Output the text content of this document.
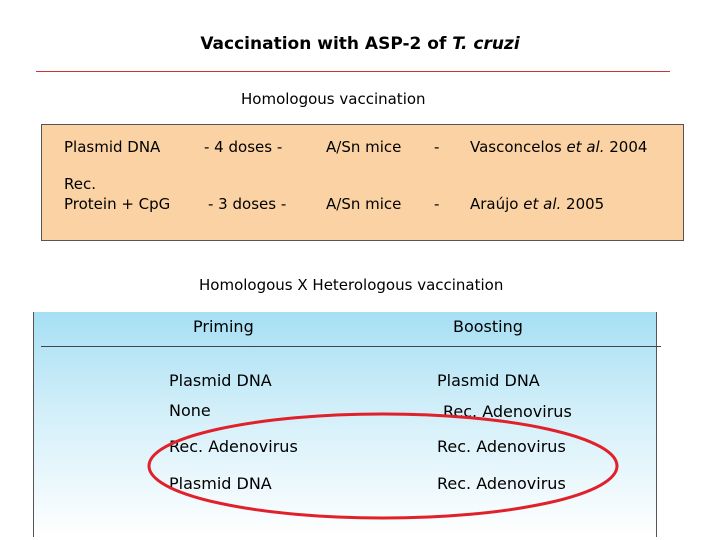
Vaccination with ASP-2 of T. cruzi
Homologous vaccination
Plasmid DNA	- 4 doses -	A/Sn mice - Vasconcelos et al. 2004
Rec.
Protein + CpG	- 3 doses -	A/Sn mice - Araújo et al. 2005
Homologous X Heterologous vaccination
Priming	Boosting
Plasmid DNA	Plasmid DNA
None	Rec. Adenovirus
Rec. Adenovirus	Rec. Adenovirus
Plasmid DNA	Rec. Adenovirus
